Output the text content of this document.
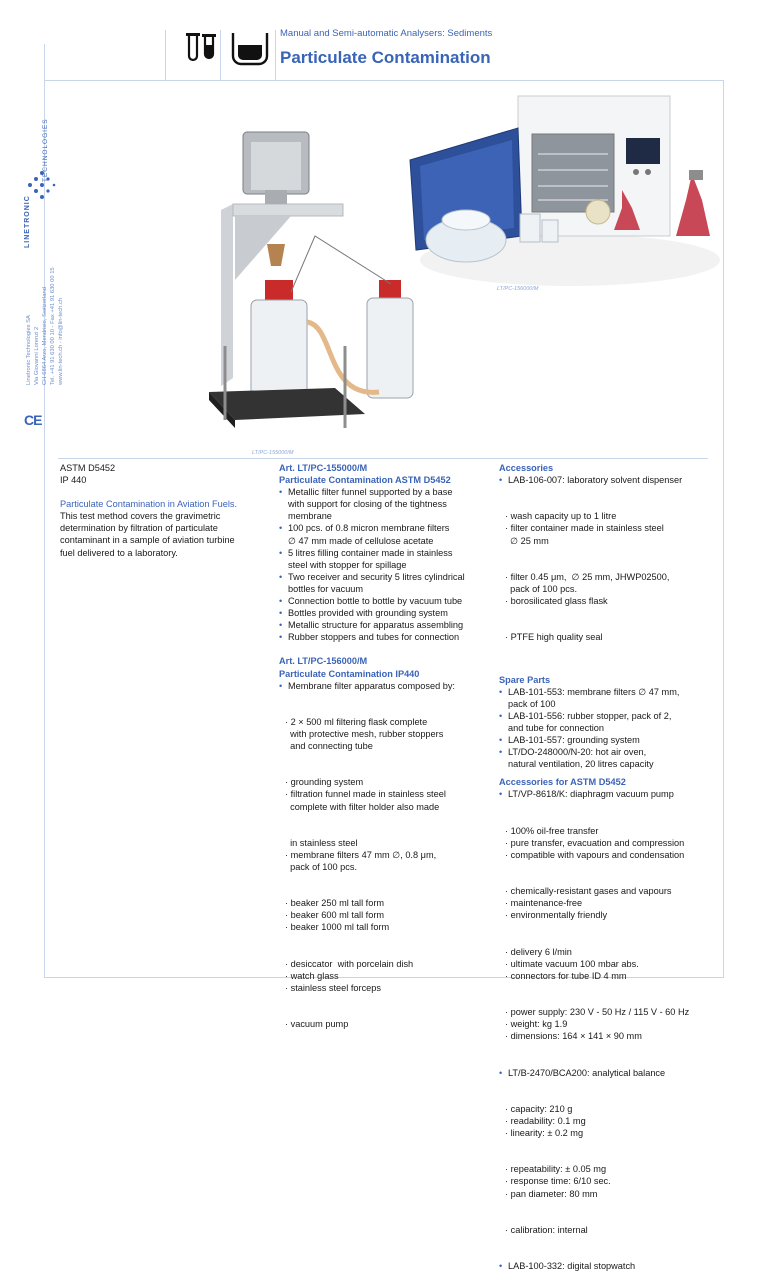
Manual and Semi-automatic Analysers: Sediments
Particulate Contamination
LINETRONIC
TECHNOLOGIES
Linetronic Technologies SA Via Giovanni Lorenzi 2 CH-6864 Arzo, Mendrisio, Switzerland Tel. +41 91 630 00 10 - Fax +41 91 630 00 15 www.lin-tech.ch - info@lin-tech.ch
CE
LT/PC-156000/M
LT/PC-155000/M

ASTM D5452

IP 440

Particulate Contamination in Aviation Fuels.

This test method covers the gravimetric

determination by filtration of particulate

contaminant in a sample of aviation turbine

fuel delivered to a laboratory.

Art. LT/PC-155000/M

Particulate Contamination ASTM D5452

• Metallic filter funnel supported by a base

with support for closing of the tightness

membrane

• 100 pcs. of 0.8 micron membrane filters

∅ 47 mm made of cellulose acetate

• 5 litres filling container made in stainless

steel with stopper for spillage

• Two receiver and security 5 litres cylindrical

bottles for vacuum

• Connection bottle to bottle by vacuum tube

• Bottles provided with grounding system

• Metallic structure for apparatus assembling

• Rubber stoppers and tubes for connection

Art. LT/PC-156000/M

Particulate Contamination IP440

• Membrane filter apparatus composed by:

· 2 × 500 ml filtering flask complete

with protective mesh, rubber stoppers

and connecting tube

· grounding system

· filtration funnel made in stainless steel

complete with filter holder also made

in stainless steel

· membrane filters 47 mm ∅, 0.8 μm,

pack of 100 pcs.

· beaker 250 ml tall form

· beaker 600 ml tall form

· beaker 1000 ml tall form

· desiccator  with porcelain dish

· watch glass

· stainless steel forceps

· vacuum pump

Accessories

• LAB-106-007: laboratory solvent dispenser

· wash capacity up to 1 litre

· filter container made in stainless steel

∅ 25 mm

· filter 0.45 μm,  ∅ 25 mm, JHWP02500,

pack of 100 pcs.

· borosilicated glass flask

· PTFE high quality seal

Spare Parts

• LAB-101-553: membrane filters ∅ 47 mm,

pack of 100

• LAB-101-556: rubber stopper, pack of 2,

and tube for connection

• LAB-101-557: grounding system

• LT/DO-248000/N-20: hot air oven,

natural ventilation, 20 litres capacity

Accessories for ASTM D5452

• LT/VP-8618/K: diaphragm vacuum pump

· 100% oil-free transfer

· pure transfer, evacuation and compression

· compatible with vapours and condensation

· chemically-resistant gases and vapours

· maintenance-free

· environmentally friendly

· delivery 6 l/min

· ultimate vacuum 100 mbar abs.

· connectors for tube ID 4 mm

· power supply: 230 V - 50 Hz / 115 V - 60 Hz

· weight: kg 1.9

· dimensions: 164 × 141 × 90 mm

• LT/B-2470/BCA200: analytical balance

· capacity: 210 g

· readability: 0.1 mg

· linearity: ± 0.2 mg

· repeatability: ± 0.05 mg

· response time: 6/10 sec.

· pan diameter: 80 mm

· calibration: internal

• LAB-100-332: digital stopwatch
